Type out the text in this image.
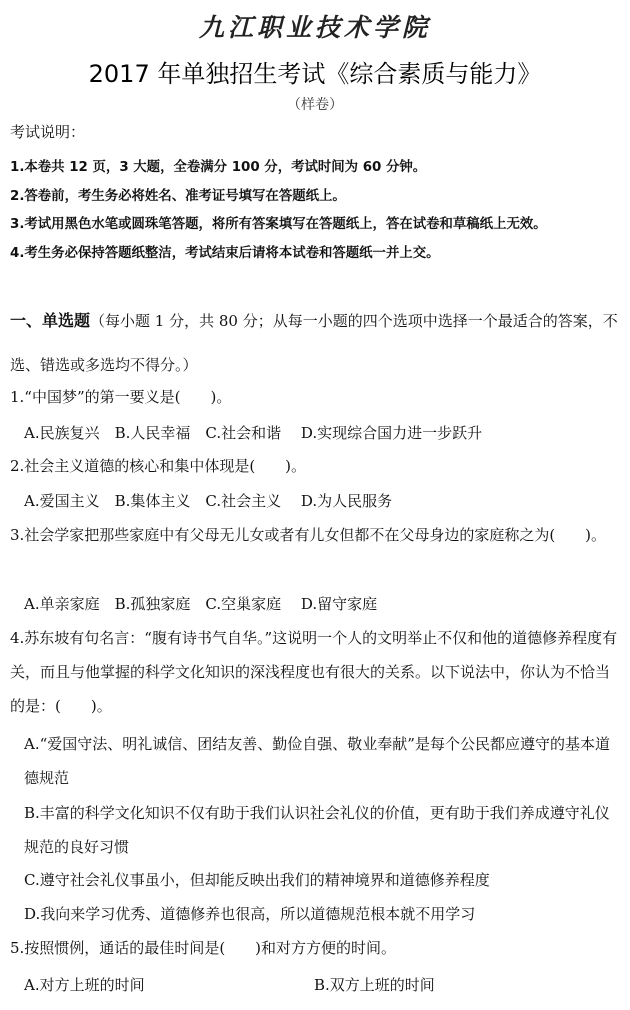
九江职业技术学院
2017 年单独招生考试《综合素质与能力》
（样卷）
考试说明：
1.本卷共 12 页，3 大题，全卷满分 100 分，考试时间为 60 分钟。
2.答卷前，考生务必将姓名、准考证号填写在答题纸上。
3.考试用黑色水笔或圆珠笔答题，将所有答案填写在答题纸上，答在试卷和草稿纸上无效。
4.考生务必保持答题纸整洁，考试结束后请将本试卷和答题纸一并上交。
一、单选题（每小题 1 分，共 80 分；从每一小题的四个选项中选择一个最适合的答案，不选、错选或多选均不得分。）
1.“中国梦”的第一要义是(　　)。
A.民族复兴　B.人民幸福　C.社会和谐　 D.实现综合国力进一步跃升
2.社会主义道德的核心和集中体现是(　　)。
A.爱国主义　B.集体主义　C.社会主义　 D.为人民服务
3.社会学家把那些家庭中有父母无儿女或者有儿女但都不在父母身边的家庭称之为(　　)。
A.单亲家庭　B.孤独家庭　C.空巢家庭　 D.留守家庭
4.苏东坡有句名言：“腹有诗书气自华。”这说明一个人的文明举止不仅和他的道德修养程度有关，而且与他掌握的科学文化知识的深浅程度也有很大的关系。以下说法中，你认为不恰当的是：(　　)。
A.“爱国守法、明礼诚信、团结友善、勤俭自强、敬业奉献”是每个公民都应遵守的基本道德规范
B.丰富的科学文化知识不仅有助于我们认识社会礼仪的价值，更有助于我们养成遵守礼仪规范的良好习惯
C.遵守社会礼仪事虽小，但却能反映出我们的精神境界和道德修养程度
D.我向来学习优秀、道德修养也很高，所以道德规范根本就不用学习
5.按照惯例，通话的最佳时间是(　　)和对方方便的时间。
A.对方上班的时间	B.双方上班的时间
